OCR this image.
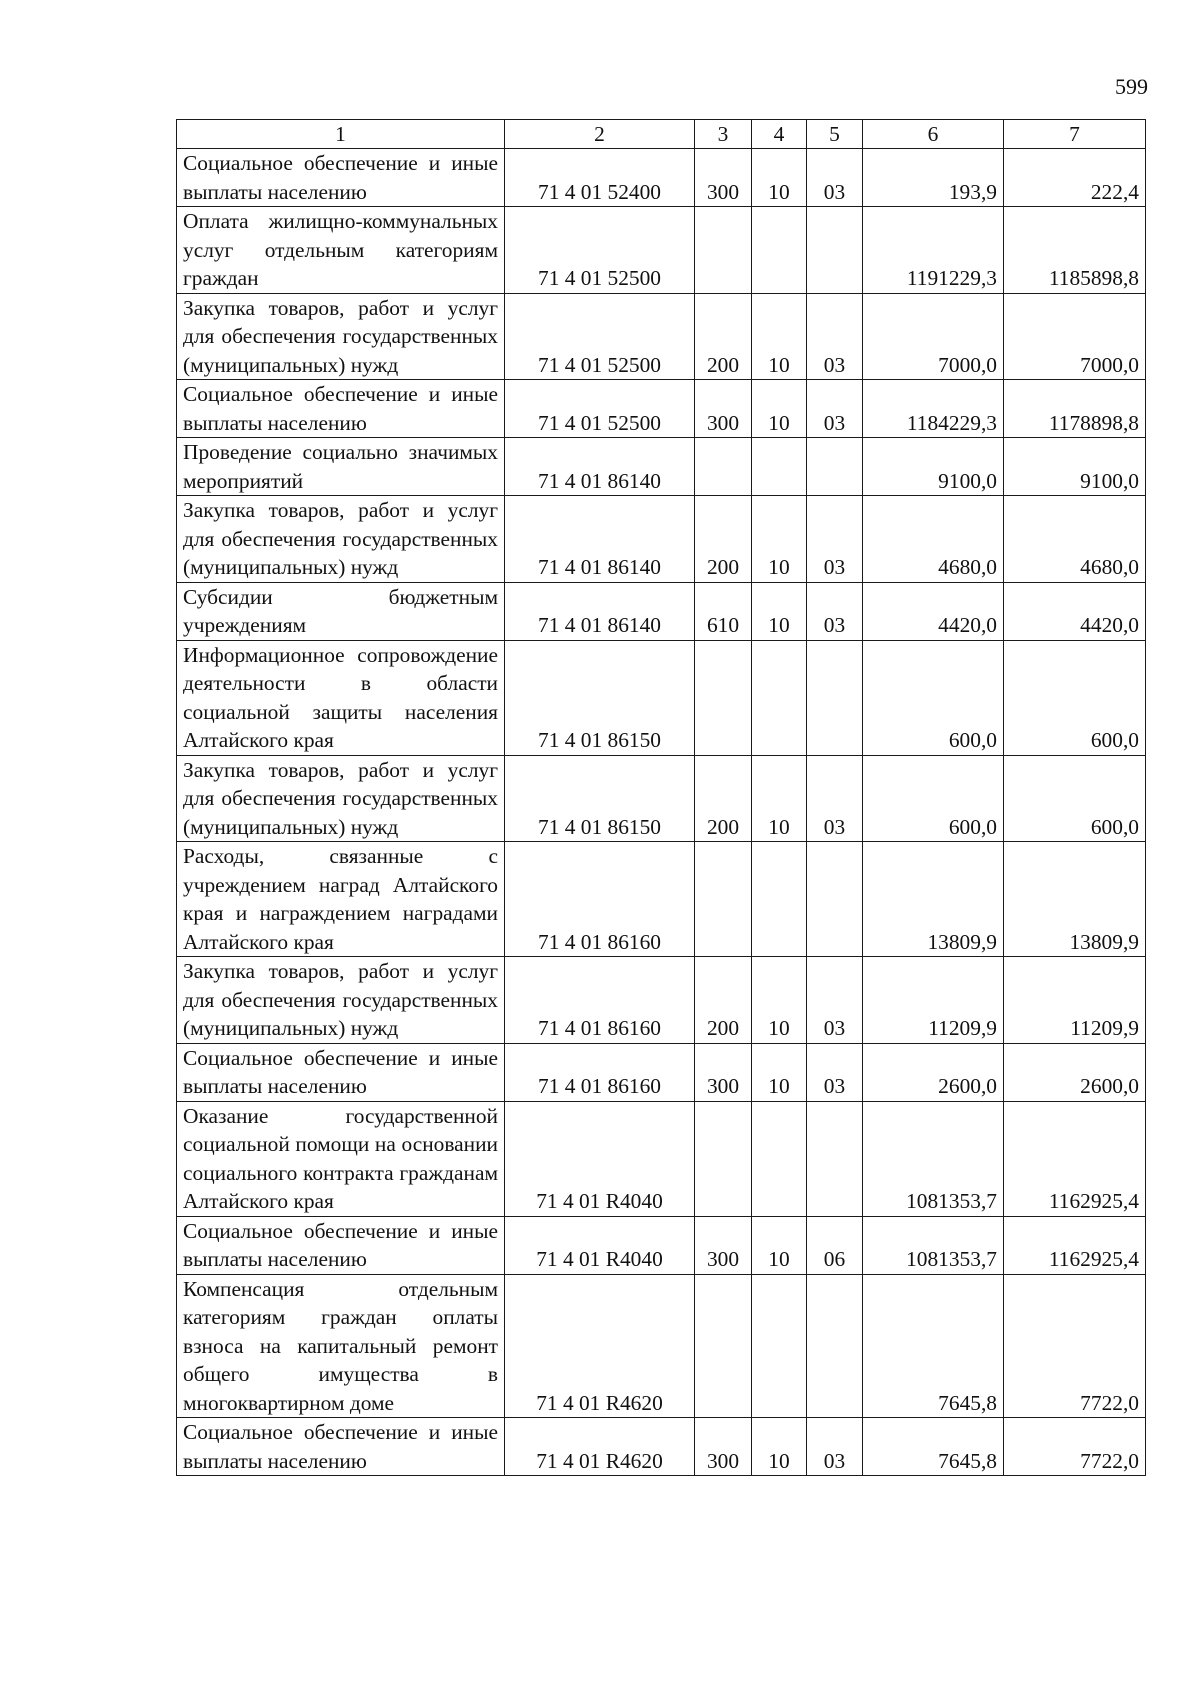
599
1	2	3	4	5	6	7
Социальное обеспечение и иные выплаты населению	71 4 01 52400	300	10	03	193,9	222,4
Оплата жилищно-коммунальных услуг отдельным категориям граждан	71 4 01 52500				1191229,3	1185898,8
Закупка товаров, работ и услуг для обеспечения государственных (муниципальных) нужд	71 4 01 52500	200	10	03	7000,0	7000,0
Социальное обеспечение и иные выплаты населению	71 4 01 52500	300	10	03	1184229,3	1178898,8
Проведение социально значимых мероприятий	71 4 01 86140				9100,0	9100,0
Закупка товаров, работ и услуг для обеспечения государственных (муниципальных) нужд	71 4 01 86140	200	10	03	4680,0	4680,0
Субсидии бюджетным учреждениям	71 4 01 86140	610	10	03	4420,0	4420,0
Информационное сопровождение деятельности в области социальной защиты населения Алтайского края	71 4 01 86150				600,0	600,0
Закупка товаров, работ и услуг для обеспечения государственных (муниципальных) нужд	71 4 01 86150	200	10	03	600,0	600,0
Расходы, связанные с учреждением наград Алтайского края и награждением наградами Алтайского края	71 4 01 86160				13809,9	13809,9
Закупка товаров, работ и услуг для обеспечения государственных (муниципальных) нужд	71 4 01 86160	200	10	03	11209,9	11209,9
Социальное обеспечение и иные выплаты населению	71 4 01 86160	300	10	03	2600,0	2600,0
Оказание государственной социальной помощи на основании социального контракта гражданам Алтайского края	71 4 01 R4040				1081353,7	1162925,4
Социальное обеспечение и иные выплаты населению	71 4 01 R4040	300	10	06	1081353,7	1162925,4
Компенсация отдельным категориям граждан оплаты взноса на капитальный ремонт общего имущества в многоквартирном доме	71 4 01 R4620				7645,8	7722,0
Социальное обеспечение и иные выплаты населению	71 4 01 R4620	300	10	03	7645,8	7722,0
